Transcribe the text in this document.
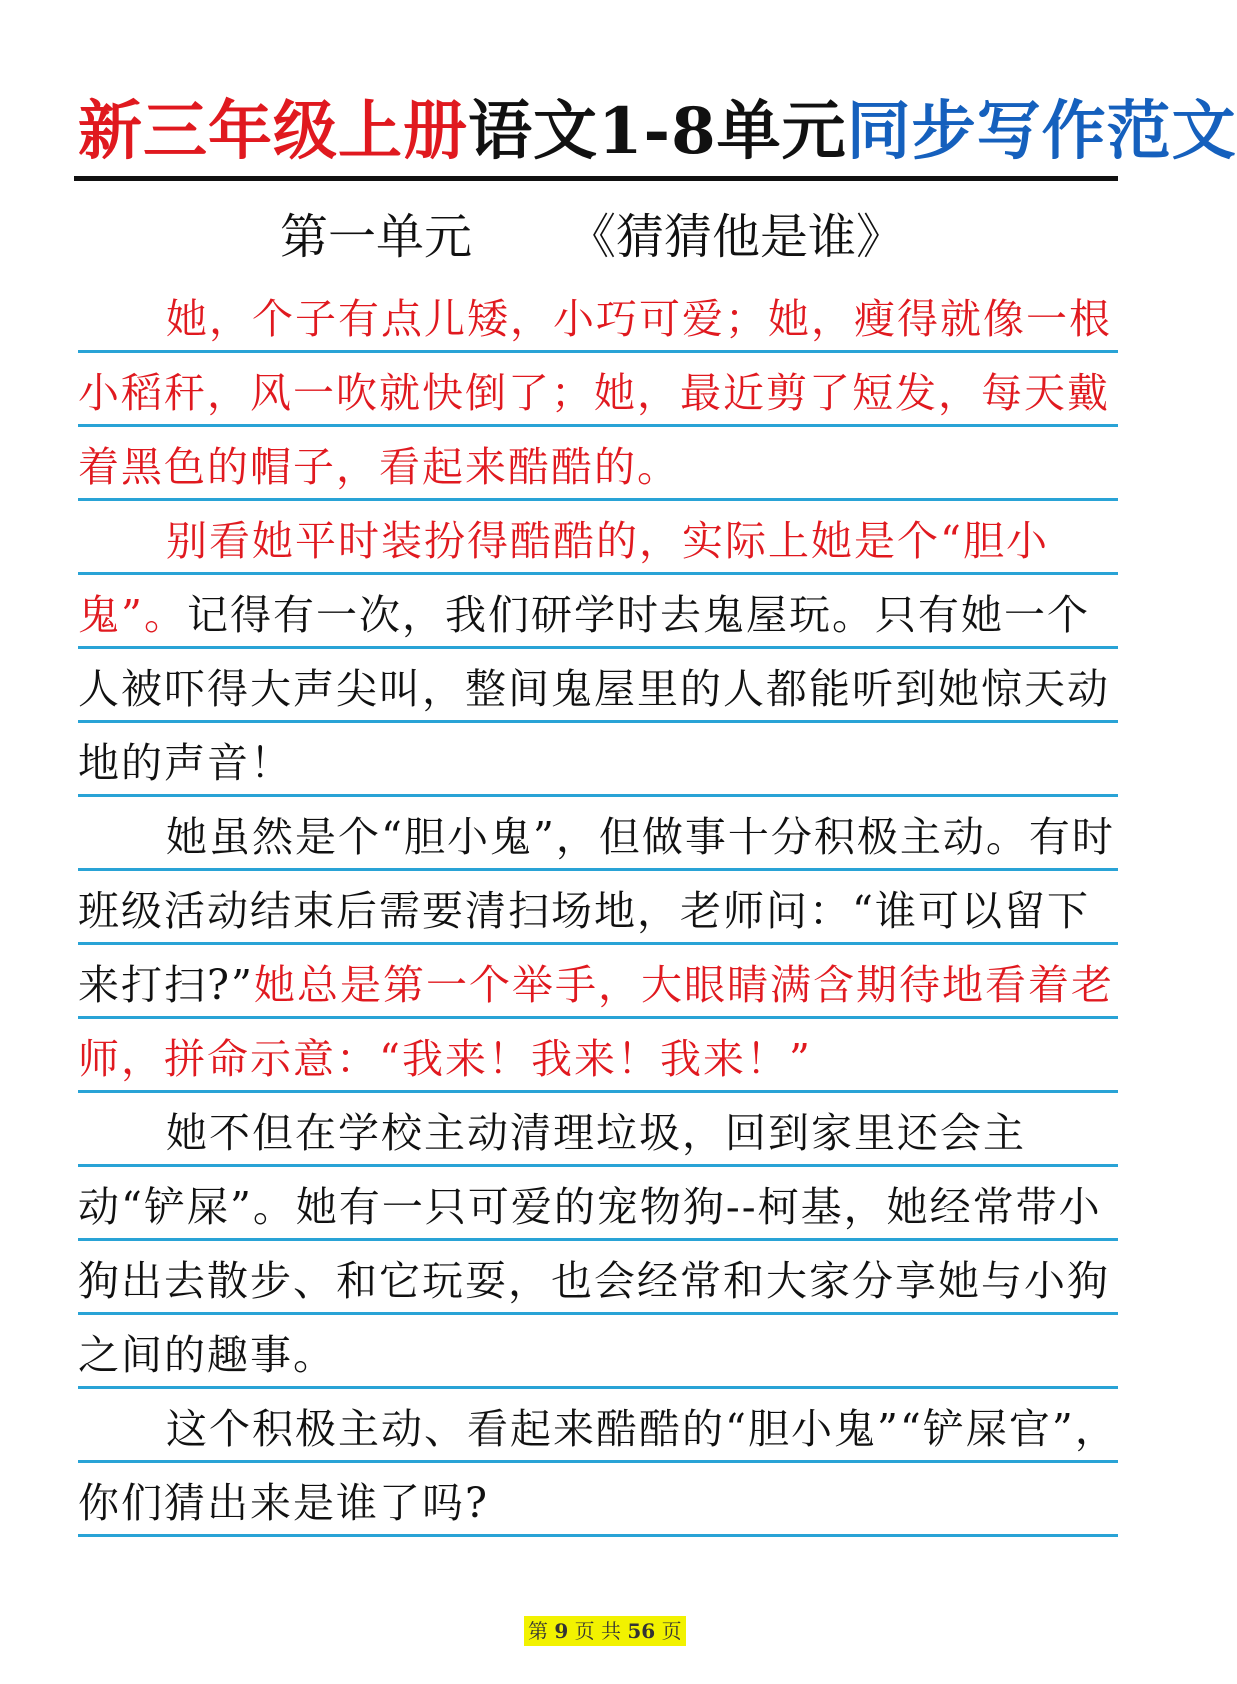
新三年级上册语文1-8单元同步写作范文
第一单元 《猜猜他是谁》

她，个子有点儿矮，小巧可爱；她，瘦得就像一根小稻秆，风一吹就快倒了；她，最近剪了短发，每天戴着黑色的帽子，看起来酷酷的。

别看她平时装扮得酷酷的，实际上她是个“胆小鬼”。记得有一次，我们研学时去鬼屋玩。只有她一个人被吓得大声尖叫，整间鬼屋里的人都能听到她惊天动地的声音！

她虽然是个“胆小鬼”，但做事十分积极主动。有时班级活动结束后需要清扫场地，老师问：“谁可以留下来打扫?”她总是第一个举手，大眼睛满含期待地看着老师，拼命示意：“我来！我来！我来！”

她不但在学校主动清理垃圾，回到家里还会主动“铲屎”。她有一只可爱的宠物狗--柯基，她经常带小狗出去散步、和它玩耍，也会经常和大家分享她与小狗之间的趣事。

这个积极主动、看起来酷酷的“胆小鬼”“铲屎官”，你们猜出来是谁了吗?

第 9 页 共 56 页
